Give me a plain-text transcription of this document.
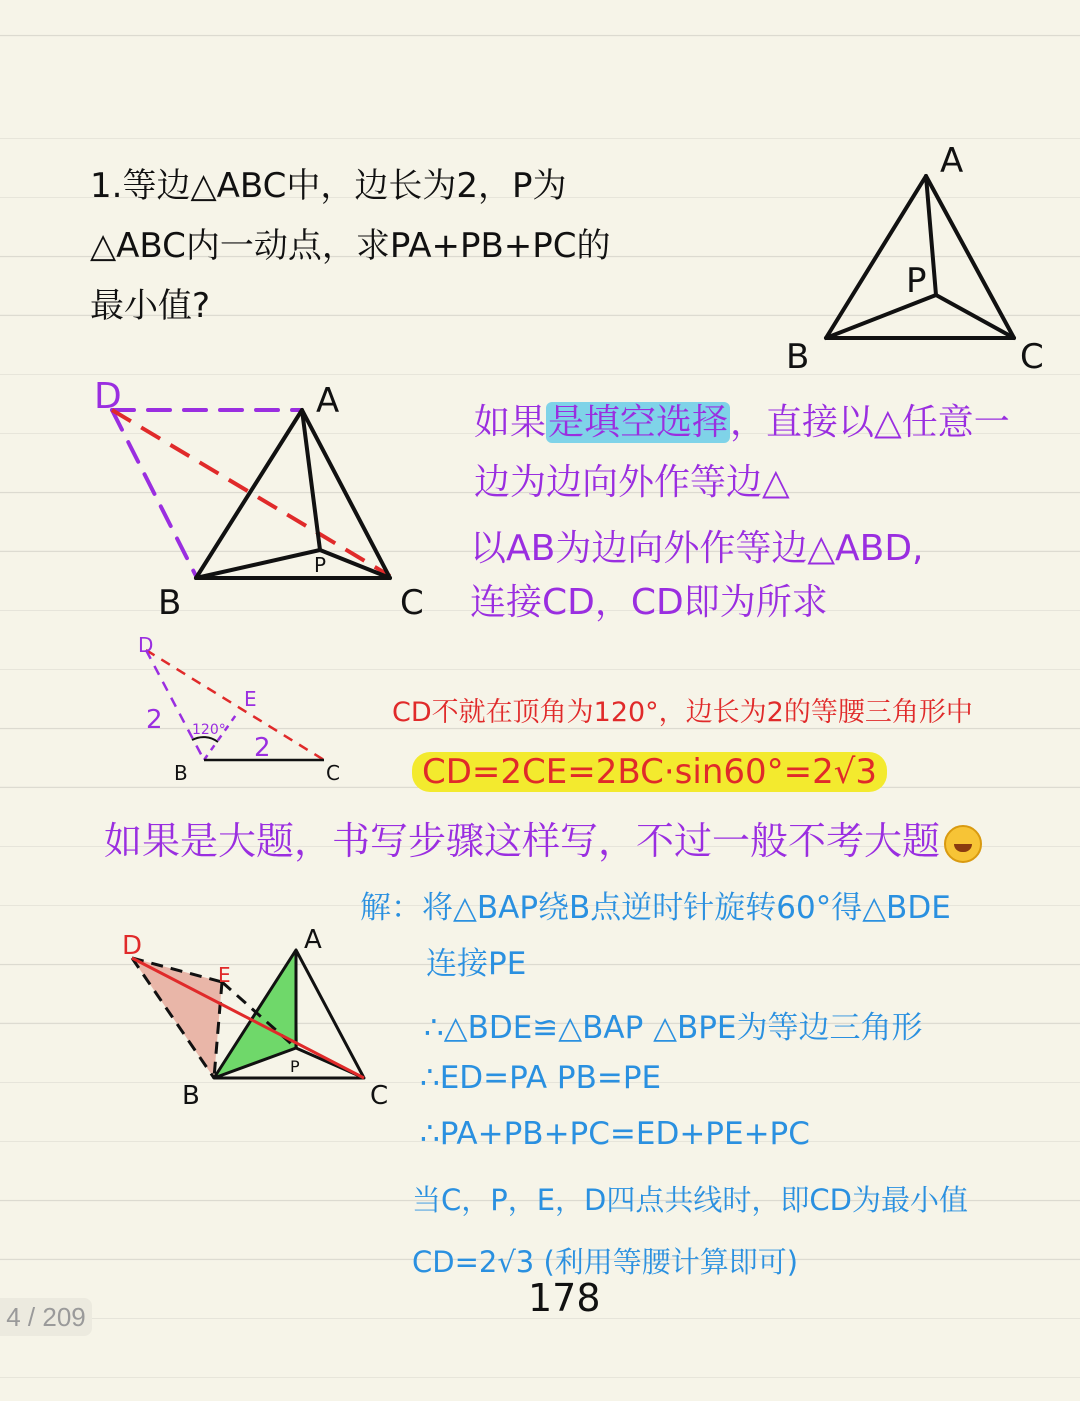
1.等边△ABC中，边长为2，P为
△ABC内一动点，求PA+PB+PC的
最小值?
A
B	C
P
A
B	C
P
D
如果是填空选择，直接以△任意一
边为边向外作等边△
以AB为边向外作等边△ABD,
连接CD，CD即为所求
D
E
B	C
120°
2
2
CD不就在顶角为120°，边长为2的等腰三角形中
CD=2CE=2BC·sin60°=2√3
如果是大题，书写步骤这样写，不过一般不考大题
D
E
A
B	C
P
解：将△BAP绕B点逆时针旋转60°得△BDE
连接PE
∴△BDE≌△BAP △BPE为等边三角形
∴ED=PA PB=PE
∴PA+PB+PC=ED+PE+PC
当C，P，E，D四点共线时，即CD为最小值
CD=2√3 (利用等腰计算即可)
178
4 / 209
